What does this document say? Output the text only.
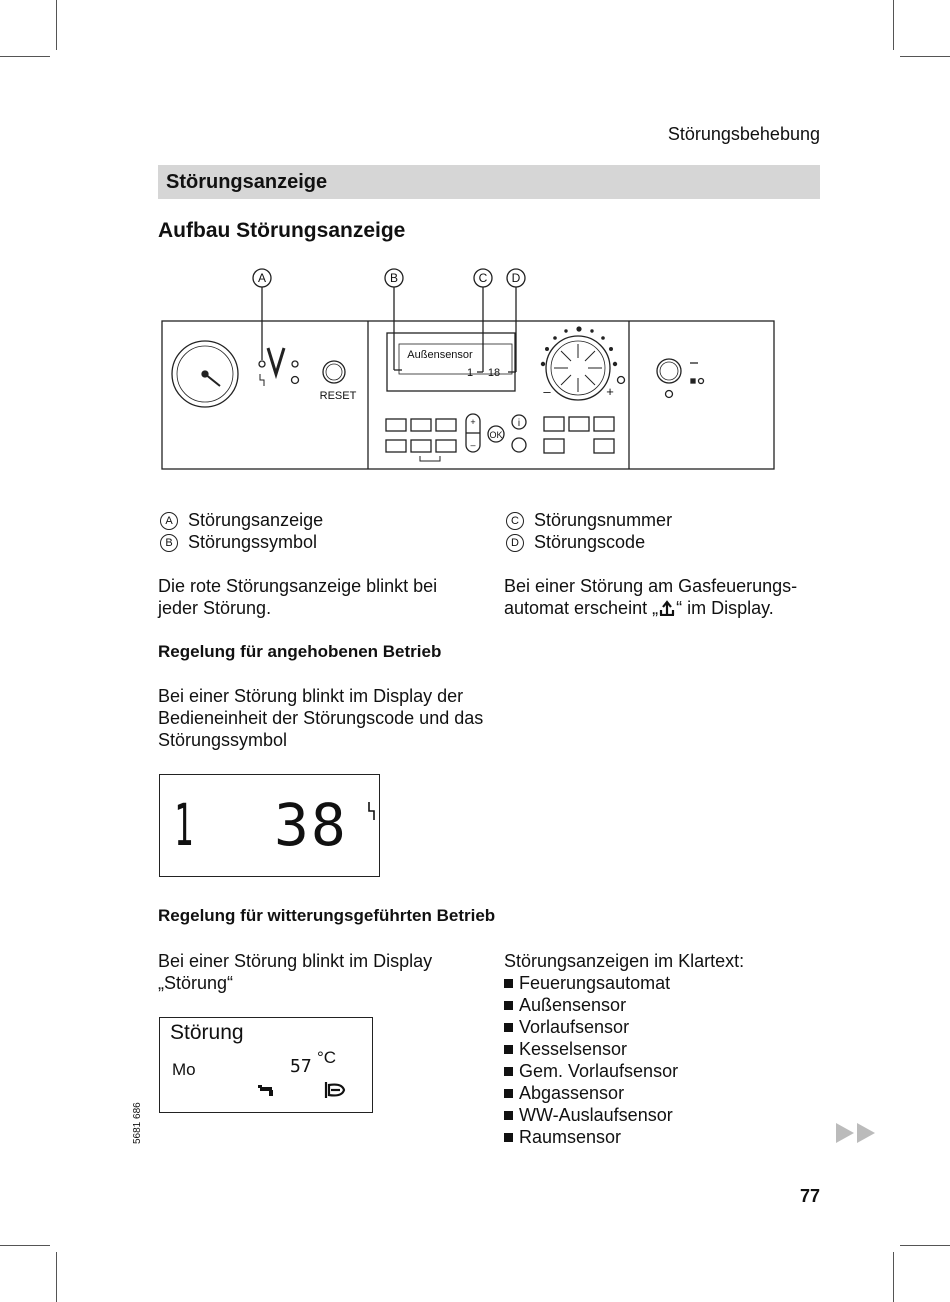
Störungsbehebung
Störungsanzeige
Aufbau Störungsanzeige
A	B	C D
RESET
Außensensor
1 18
OK
i
+
–
–	+
A Störungsanzeige
B Störungssymbol
C Störungsnummer
D Störungscode
Die rote Störungsanzeige blinkt bei jeder Störung.
Bei einer Störung am Gasfeuerungs-automat erscheint „ “ im Display.
Regelung für angehobenen Betrieb
Bei einer Störung blinkt im Display der Bedieneinheit der Störungscode und das Störungssymbol
1 38
Regelung für witterungsgeführten Betrieb
Bei einer Störung blinkt im Display „Störung“
Störung
Mo	57 °C
Störungsanzeigen im Klartext:
Feuerungsautomat
Außensensor
Vorlaufsensor
Kesselsensor
Gem. Vorlaufsensor
Abgassensor
WW-Auslaufsensor
Raumsensor
5681 686
77
